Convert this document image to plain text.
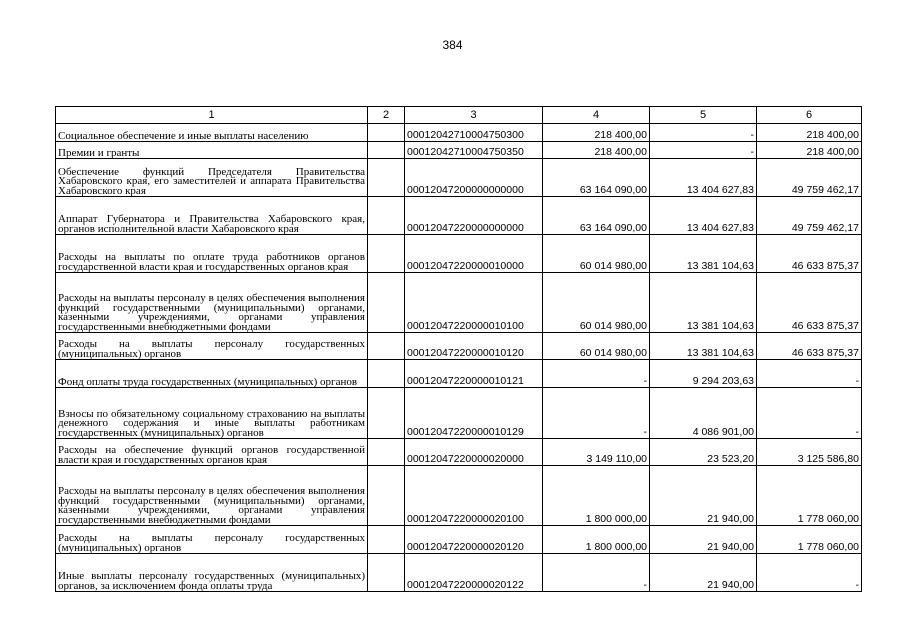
384
1	2	3	4	5	6
Социальное обеспечение и иные выплаты населению		00012042710004750300	218 400,00	-	218 400,00
Премии и гранты		00012042710004750350	218 400,00	-	218 400,00
Обеспечение функций Председателя Правительства Хабаровского края, его заместителей и аппарата Правительства Хабаровского края		00012047200000000000	63 164 090,00	13 404 627,83	49 759 462,17
Аппарат Губернатора и Правительства Хабаровского края, органов исполнительной власти Хабаровского края		00012047220000000000	63 164 090,00	13 404 627,83	49 759 462,17
Расходы на выплаты по оплате труда работников органов государственной власти края и государственных органов края		00012047220000010000	60 014 980,00	13 381 104,63	46 633 875,37
Расходы на выплаты персоналу в целях обеспечения выполнения функций государственными (муниципальными) органами, казенными учреждениями, органами управления государственными внебюджетными фондами		00012047220000010100	60 014 980,00	13 381 104,63	46 633 875,37
Расходы на выплаты персоналу государственных (муниципальных) органов		00012047220000010120	60 014 980,00	13 381 104,63	46 633 875,37
Фонд оплаты труда государственных (муниципальных) органов		00012047220000010121	-	9 294 203,63	-
Взносы по обязательному социальному страхованию на выплаты денежного содержания и иные выплаты работникам государственных (муниципальных) органов		00012047220000010129	-	4 086 901,00	-
Расходы на обеспечение функций органов государственной власти края и государственных органов края		00012047220000020000	3 149 110,00	23 523,20	3 125 586,80
Расходы на выплаты персоналу в целях обеспечения выполнения функций государственными (муниципальными) органами, казенными учреждениями, органами управления государственными внебюджетными фондами		00012047220000020100	1 800 000,00	21 940,00	1 778 060,00
Расходы на выплаты персоналу государственных (муниципальных) органов		00012047220000020120	1 800 000,00	21 940,00	1 778 060,00
Иные выплаты персоналу государственных (муниципальных) органов, за исключением фонда оплаты труда		00012047220000020122	-	21 940,00	-
